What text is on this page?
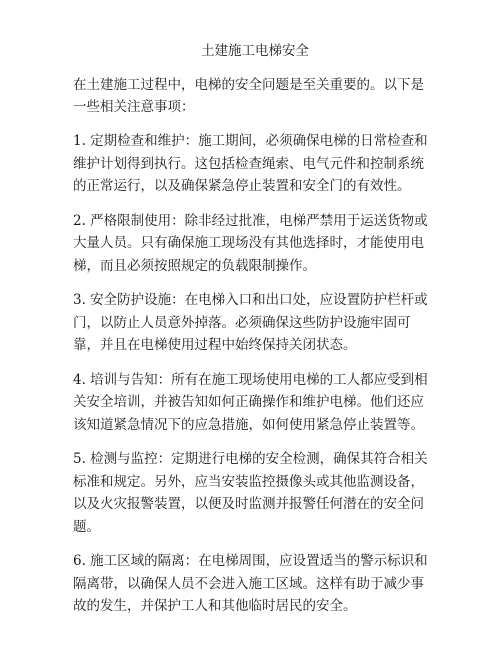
土建施工电梯安全
在土建施工过程中，电梯的安全问题是至关重要的。以下是一些相关注意事项：
1. 定期检查和维护：施工期间，必须确保电梯的日常检查和维护计划得到执行。这包括检查绳索、电气元件和控制系统的正常运行，以及确保紧急停止装置和安全门的有效性。
2. 严格限制使用：除非经过批准，电梯严禁用于运送货物或大量人员。只有确保施工现场没有其他选择时，才能使用电梯，而且必须按照规定的负载限制操作。
3. 安全防护设施：在电梯入口和出口处，应设置防护栏杆或门，以防止人员意外掉落。必须确保这些防护设施牢固可靠，并且在电梯使用过程中始终保持关闭状态。
4. 培训与告知：所有在施工现场使用电梯的工人都应受到相关安全培训，并被告知如何正确操作和维护电梯。他们还应该知道紧急情况下的应急措施，如何使用紧急停止装置等。
5. 检测与监控：定期进行电梯的安全检测，确保其符合相关标准和规定。另外，应当安装监控摄像头或其他监测设备，以及火灾报警装置，以便及时监测并报警任何潜在的安全问题。
6. 施工区域的隔离：在电梯周围，应设置适当的警示标识和隔离带，以确保人员不会进入施工区域。这样有助于减少事故的发生，并保护工人和其他临时居民的安全。
